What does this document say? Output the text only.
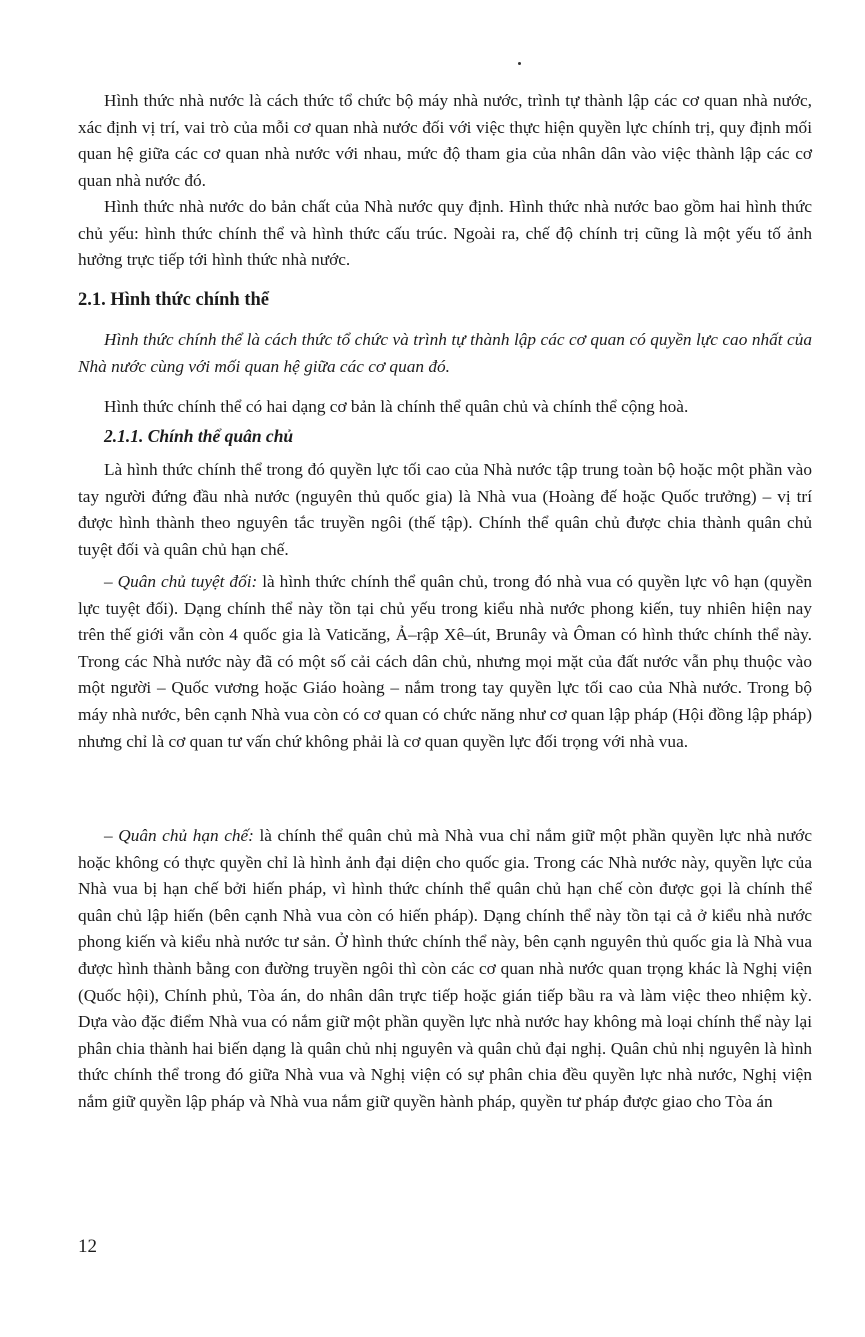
Hình thức nhà nước là cách thức tổ chức bộ máy nhà nước, trình tự thành lập các cơ quan nhà nước, xác định vị trí, vai trò của mỗi cơ quan nhà nước đối với việc thực hiện quyền lực chính trị, quy định mối quan hệ giữa các cơ quan nhà nước với nhau, mức độ tham gia của nhân dân vào việc thành lập các cơ quan nhà nước đó.

Hình thức nhà nước do bản chất của Nhà nước quy định. Hình thức nhà nước bao gồm hai hình thức chủ yếu: hình thức chính thể và hình thức cấu trúc. Ngoài ra, chế độ chính trị cũng là một yếu tố ảnh hưởng trực tiếp tới hình thức nhà nước.

2.1. Hình thức chính thể

Hình thức chính thể là cách thức tổ chức và trình tự thành lập các cơ quan có quyền lực cao nhất của Nhà nước cùng với mối quan hệ giữa các cơ quan đó.

Hình thức chính thể có hai dạng cơ bản là chính thể quân chủ và chính thể cộng hoà.

2.1.1. Chính thể quân chủ

Là hình thức chính thể trong đó quyền lực tối cao của Nhà nước tập trung toàn bộ hoặc một phần vào tay người đứng đầu nhà nước (nguyên thủ quốc gia) là Nhà vua (Hoàng đế hoặc Quốc trưởng) – vị trí được hình thành theo nguyên tắc truyền ngôi (thế tập). Chính thể quân chủ được chia thành quân chủ tuyệt đối và quân chủ hạn chế.

– Quân chủ tuyệt đối: là hình thức chính thể quân chủ, trong đó nhà vua có quyền lực vô hạn (quyền lực tuyệt đối). Dạng chính thể này tồn tại chủ yếu trong kiểu nhà nước phong kiến, tuy nhiên hiện nay trên thế giới vẫn còn 4 quốc gia là Vaticăng, Ả–rập Xê–út, Brunây và Ôman có hình thức chính thể này. Trong các Nhà nước này đã có một số cải cách dân chủ, nhưng mọi mặt của đất nước vẫn phụ thuộc vào một người – Quốc vương hoặc Giáo hoàng – nắm trong tay quyền lực tối cao của Nhà nước. Trong bộ máy nhà nước, bên cạnh Nhà vua còn có cơ quan có chức năng như cơ quan lập pháp (Hội đồng lập pháp) nhưng chỉ là cơ quan tư vấn chứ không phải là cơ quan quyền lực đối trọng với nhà vua.

– Quân chủ hạn chế: là chính thể quân chủ mà Nhà vua chỉ nắm giữ một phần quyền lực nhà nước hoặc không có thực quyền chỉ là hình ảnh đại diện cho quốc gia. Trong các Nhà nước này, quyền lực của Nhà vua bị hạn chế bởi hiến pháp, vì hình thức chính thể quân chủ hạn chế còn được gọi là chính thể quân chủ lập hiến (bên cạnh Nhà vua còn có hiến pháp). Dạng chính thể này tồn tại cả ở kiểu nhà nước phong kiến và kiểu nhà nước tư sản. Ở hình thức chính thể này, bên cạnh nguyên thủ quốc gia là Nhà vua được hình thành bằng con đường truyền ngôi thì còn các cơ quan nhà nước quan trọng khác là Nghị viện (Quốc hội), Chính phủ, Tòa án, do nhân dân trực tiếp hoặc gián tiếp bầu ra và làm việc theo nhiệm kỳ. Dựa vào đặc điểm Nhà vua có nắm giữ một phần quyền lực nhà nước hay không mà loại chính thể này lại phân chia thành hai biến dạng là quân chủ nhị nguyên và quân chủ đại nghị. Quân chủ nhị nguyên là hình thức chính thể trong đó giữa Nhà vua và Nghị viện có sự phân chia đều quyền lực nhà nước, Nghị viện nắm giữ quyền lập pháp và Nhà vua nắm giữ quyền hành pháp, quyền tư pháp được giao cho Tòa án

12
